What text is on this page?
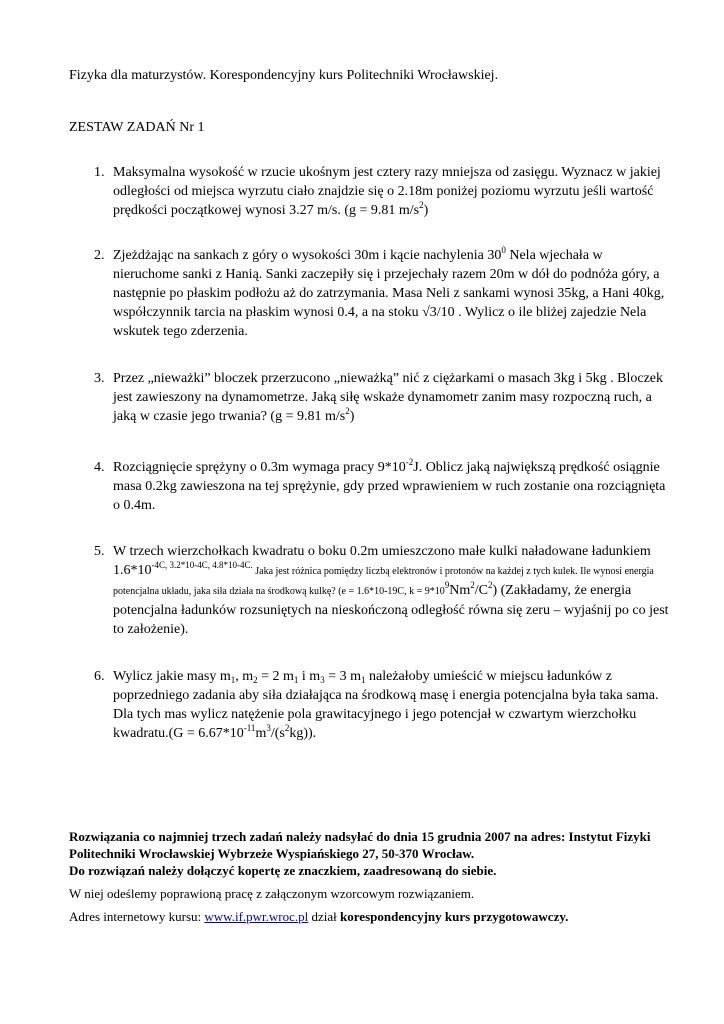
Fizyka dla maturzystów. Korespondencyjny kurs Politechniki Wrocławskiej.
ZESTAW ZADAŃ Nr 1
1. Maksymalna wysokość w rzucie ukośnym jest cztery razy mniejsza od zasięgu. Wyznacz w jakiej odległości od miejsca wyrzutu ciało znajdzie się o 2.18m poniżej poziomu wyrzutu jeśli wartość prędkości początkowej wynosi 3.27 m/s. (g = 9.81 $m/s^2$)
2. Zjeżdżając na sankach z góry o wysokości 30m i kącie nachylenia $30^0$ Nela wjechała w nieruchome sanki z Hanią. Sanki zaczepiły się i przejechały razem 20m w dół do podnóża góry, a następnie po płaskim podłożu aż do zatrzymania. Masa Neli z sankami wynosi 35kg, a Hani 40kg, współczynnik tarcia na płaskim wynosi 0.4, a na stoku √3/10 . Wylicz o ile bliżej zajedzie Nela wskutek tego zderzenia.
3. Przez „nieważki” bloczek przerzucono „nieważką” nić z ciężarkami o masach 3kg i 5kg . Bloczek jest zawieszony na dynamometrze. Jaką siłę wskaże dynamometr zanim masy rozpoczną ruch, a jaką w czasie jego trwania? (g = 9.81 $m/s^2$)
4. Rozciągnięcie sprężyny o 0.3m wymaga pracy $9*10^{-2}J$. Oblicz jaką największą prędkość osiągnie masa 0.2kg zawieszona na tej sprężynie, gdy przed wprawieniem w ruch zostanie ona rozciągnięta o 0.4m.
5. W trzech wierzchołkach kwadratu o boku 0.2m umieszczono małe kulki naładowane ładunkiem $1.6*10^{-4C, 3.2*10-4C, 4.8*10-4C.}$ Jaka jest różnica pomiędzy liczbą elektronów i protonów na każdej z tych kulek. Ile wynosi energia potencjalna układu, jaka siła działa na środkową kulkę? (e = 1.6*10-19C, $k = 9*10^9Nm^2/C^2$) (Zakładamy, że energia potencjalna ładunków rozsuniętych na nieskończoną odległość równa się zeru – wyjaśnij po co jest to założenie).
6. Wylicz jakie masy $m_1$, $m_2 = 2$ $m_1$ i $m_3 = 3$ $m_1$ należałoby umieścić w miejscu ładunków z poprzedniego zadania aby siła działająca na środkową masę i energia potencjalna była taka sama. Dla tych mas wylicz natężenie pola grawitacyjnego i jego potencjał w czwartym wierzchołku kwadratu.(G = $6.67*10^{-11}m^3/(s^2kg)$).
Rozwiązania co najmniej trzech zadań należy nadsyłać do dnia 15 grudnia 2007 na adres: Instytut Fizyki Politechniki Wrocławskiej Wybrzeże Wyspiańskiego 27, 50-370 Wrocław.
Do rozwiązań należy dołączyć kopertę ze znaczkiem, zaadresowaną do siebie.
W niej odeślemy poprawioną pracę z załączonym wzorcowym rozwiązaniem.
Adres internetowy kursu: www.if.pwr.wroc.pl dział korespondencyjny kurs przygotowawczy.
